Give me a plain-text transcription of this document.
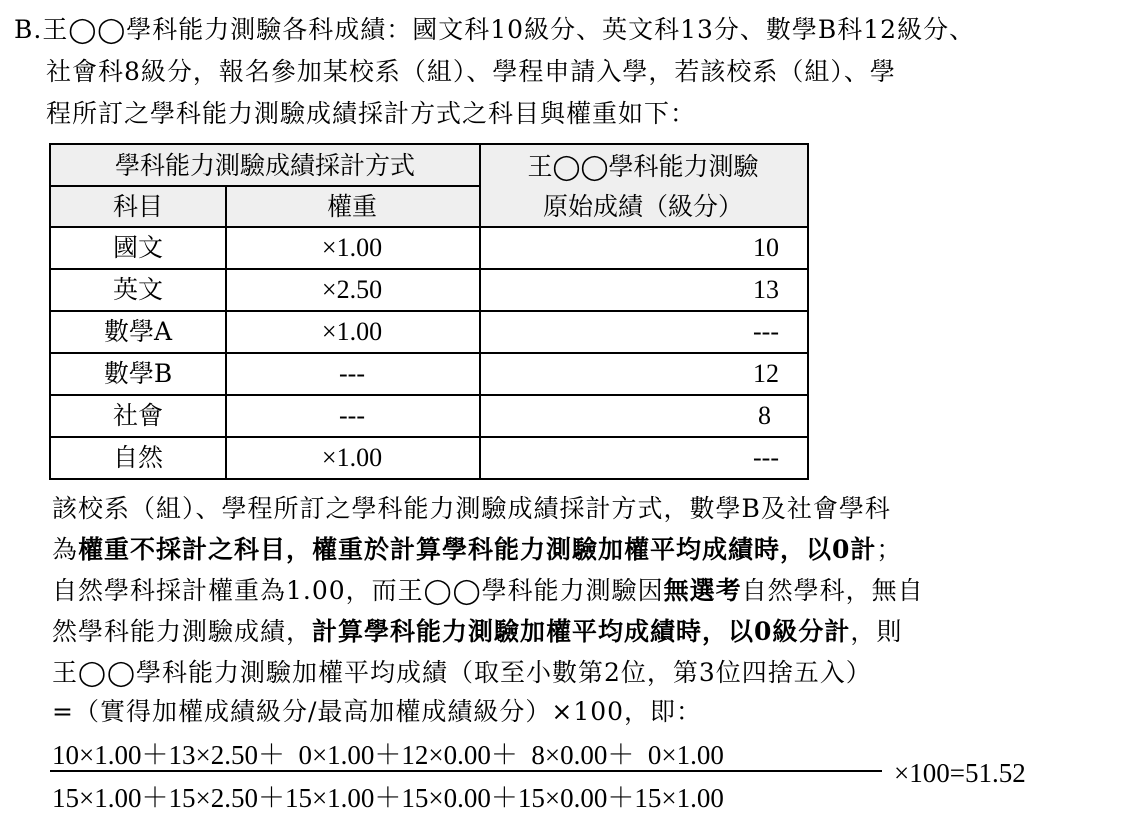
B.王◯◯學科能力測驗各科成績：國文科10級分、英文科13分、數學B科12級分、
社會科8級分，報名參加某校系（組）、學程申請入學，若該校系（組）、學
程所訂之學科能力測驗成績採計方式之科目與權重如下：
學科能力測驗成績採計方式
科目	權重
王◯◯學科能力測驗
原始成績（級分）
國文	×1.00	10
英文	×2.50	13
數學A	×1.00	---
數學B	---	12
社會	---	8
自然	×1.00	---
該校系（組）、學程所訂之學科能力測驗成績採計方式，數學B及社會學科
為權重不採計之科目，權重於計算學科能力測驗加權平均成績時，以0計；
自然學科採計權重為1.00，而王◯◯學科能力測驗因無選考自然學科，無自
然學科能力測驗成績，計算學科能力測驗加權平均成績時，以0級分計，則
王◯◯學科能力測驗加權平均成績（取至小數第2位，第3位四捨五入）
=（實得加權成績級分/最高加權成績級分）×100，即：
10×1.00＋13×2.50＋  0×1.00＋12×0.00＋  8×0.00＋  0×1.00
15×1.00＋15×2.50＋15×1.00＋15×0.00＋15×0.00＋15×1.00
×100=51.52
